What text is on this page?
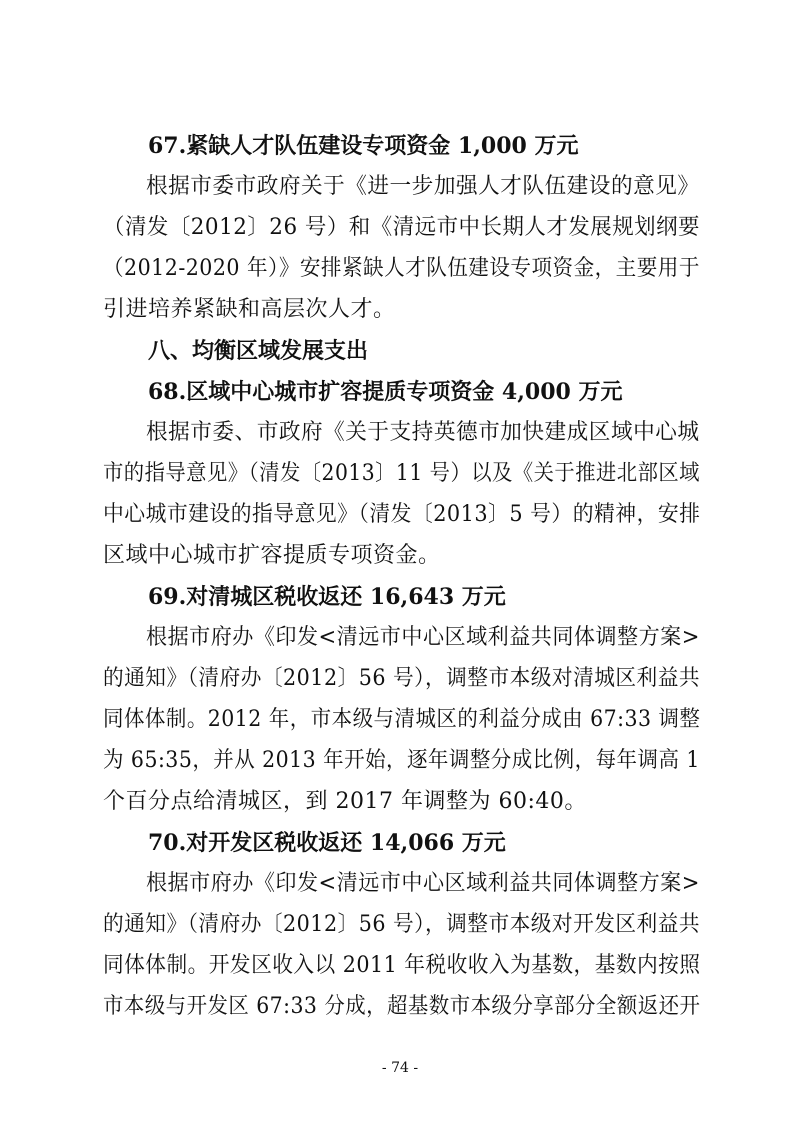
67.紧缺人才队伍建设专项资金 1,000 万元
根据市委市政府关于《进一步加强人才队伍建设的意见》
（清发〔2012〕26 号）和《清远市中长期人才发展规划纲要
（2012-2020 年）》安排紧缺人才队伍建设专项资金，主要用于
引进培养紧缺和高层次人才。
八、均衡区域发展支出
68.区域中心城市扩容提质专项资金 4,000 万元
根据市委、市政府《关于支持英德市加快建成区域中心城
市的指导意见》（清发〔2013〕11 号）以及《关于推进北部区域
中心城市建设的指导意见》（清发〔2013〕5 号）的精神，安排
区域中心城市扩容提质专项资金。
69.对清城区税收返还 16,643 万元
根据市府办《印发<清远市中心区域利益共同体调整方案>
的通知》（清府办〔2012〕56 号），调整市本级对清城区利益共
同体体制。2012 年，市本级与清城区的利益分成由 67:33 调整
为 65:35，并从 2013 年开始，逐年调整分成比例，每年调高 1
个百分点给清城区，到 2017 年调整为 60:40。
70.对开发区税收返还 14,066 万元
根据市府办《印发<清远市中心区域利益共同体调整方案>
的通知》（清府办〔2012〕56 号），调整市本级对开发区利益共
同体体制。开发区收入以 2011 年税收收入为基数，基数内按照
市本级与开发区 67:33 分成，超基数市本级分享部分全额返还开
- 74 -
